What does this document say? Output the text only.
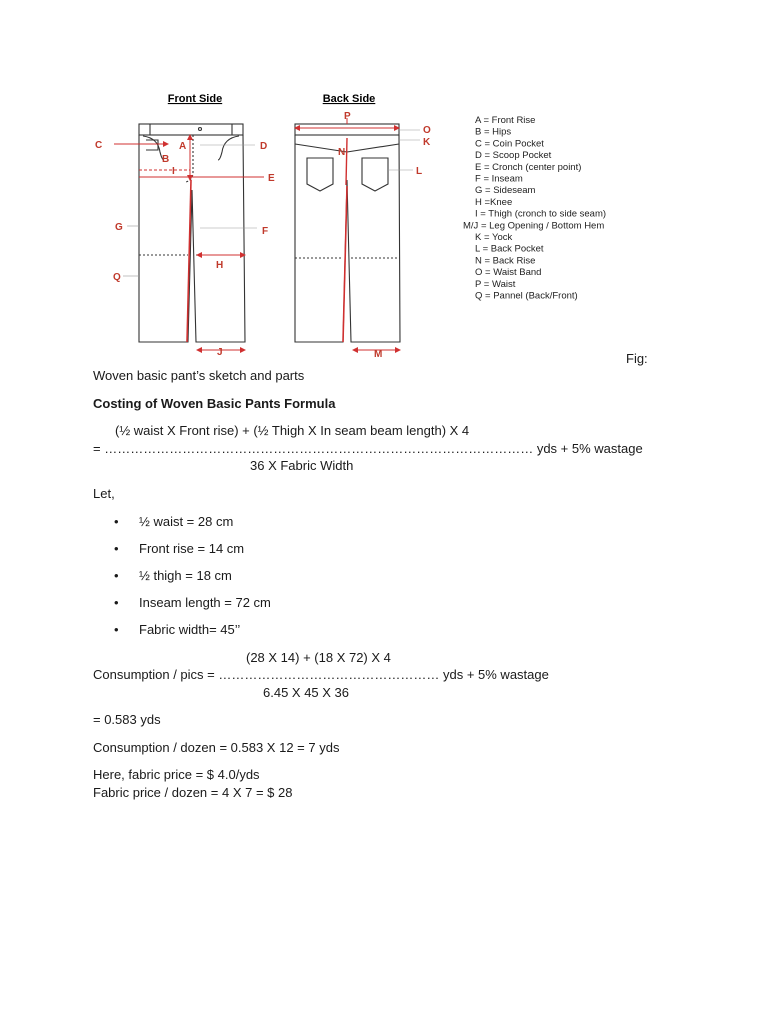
Front Side	Back Side
C	A
B
D
I
E
G	F
H
Q
J
P
O
K
N
L
M
A = Front Rise
B = Hips
C = Coin Pocket
D = Scoop Pocket
E = Cronch (center point)
F = Inseam
G = Sideseam
H =Knee
I = Thigh (cronch to side seam)
M/J = Leg Opening / Bottom Hem
K = Yock
L = Back Pocket
N = Back Rise
O = Waist Band
P = Waist
Q = Pannel (Back/Front)
Fig:
Woven basic pant’s sketch and parts
Costing of Woven Basic Pants Formula
(½ waist X Front rise) + (½ Thigh X In seam beam length) X 4
= ……………………………………………………………………………………… yds + 5% wastage
36 X Fabric Width
Let,
• ½ waist = 28 cm
• Front rise = 14 cm
• ½ thigh = 18 cm
• Inseam length = 72 cm
• Fabric width= 45’’
(28 X 14) + (18 X 72) X 4
Consumption / pics = …………………………………………… yds + 5% wastage
6.45 X 45 X 36
= 0.583 yds
Consumption / dozen = 0.583 X 12 = 7 yds
Here, fabric price = $ 4.0/yds
Fabric price / dozen = 4 X 7 = $ 28
